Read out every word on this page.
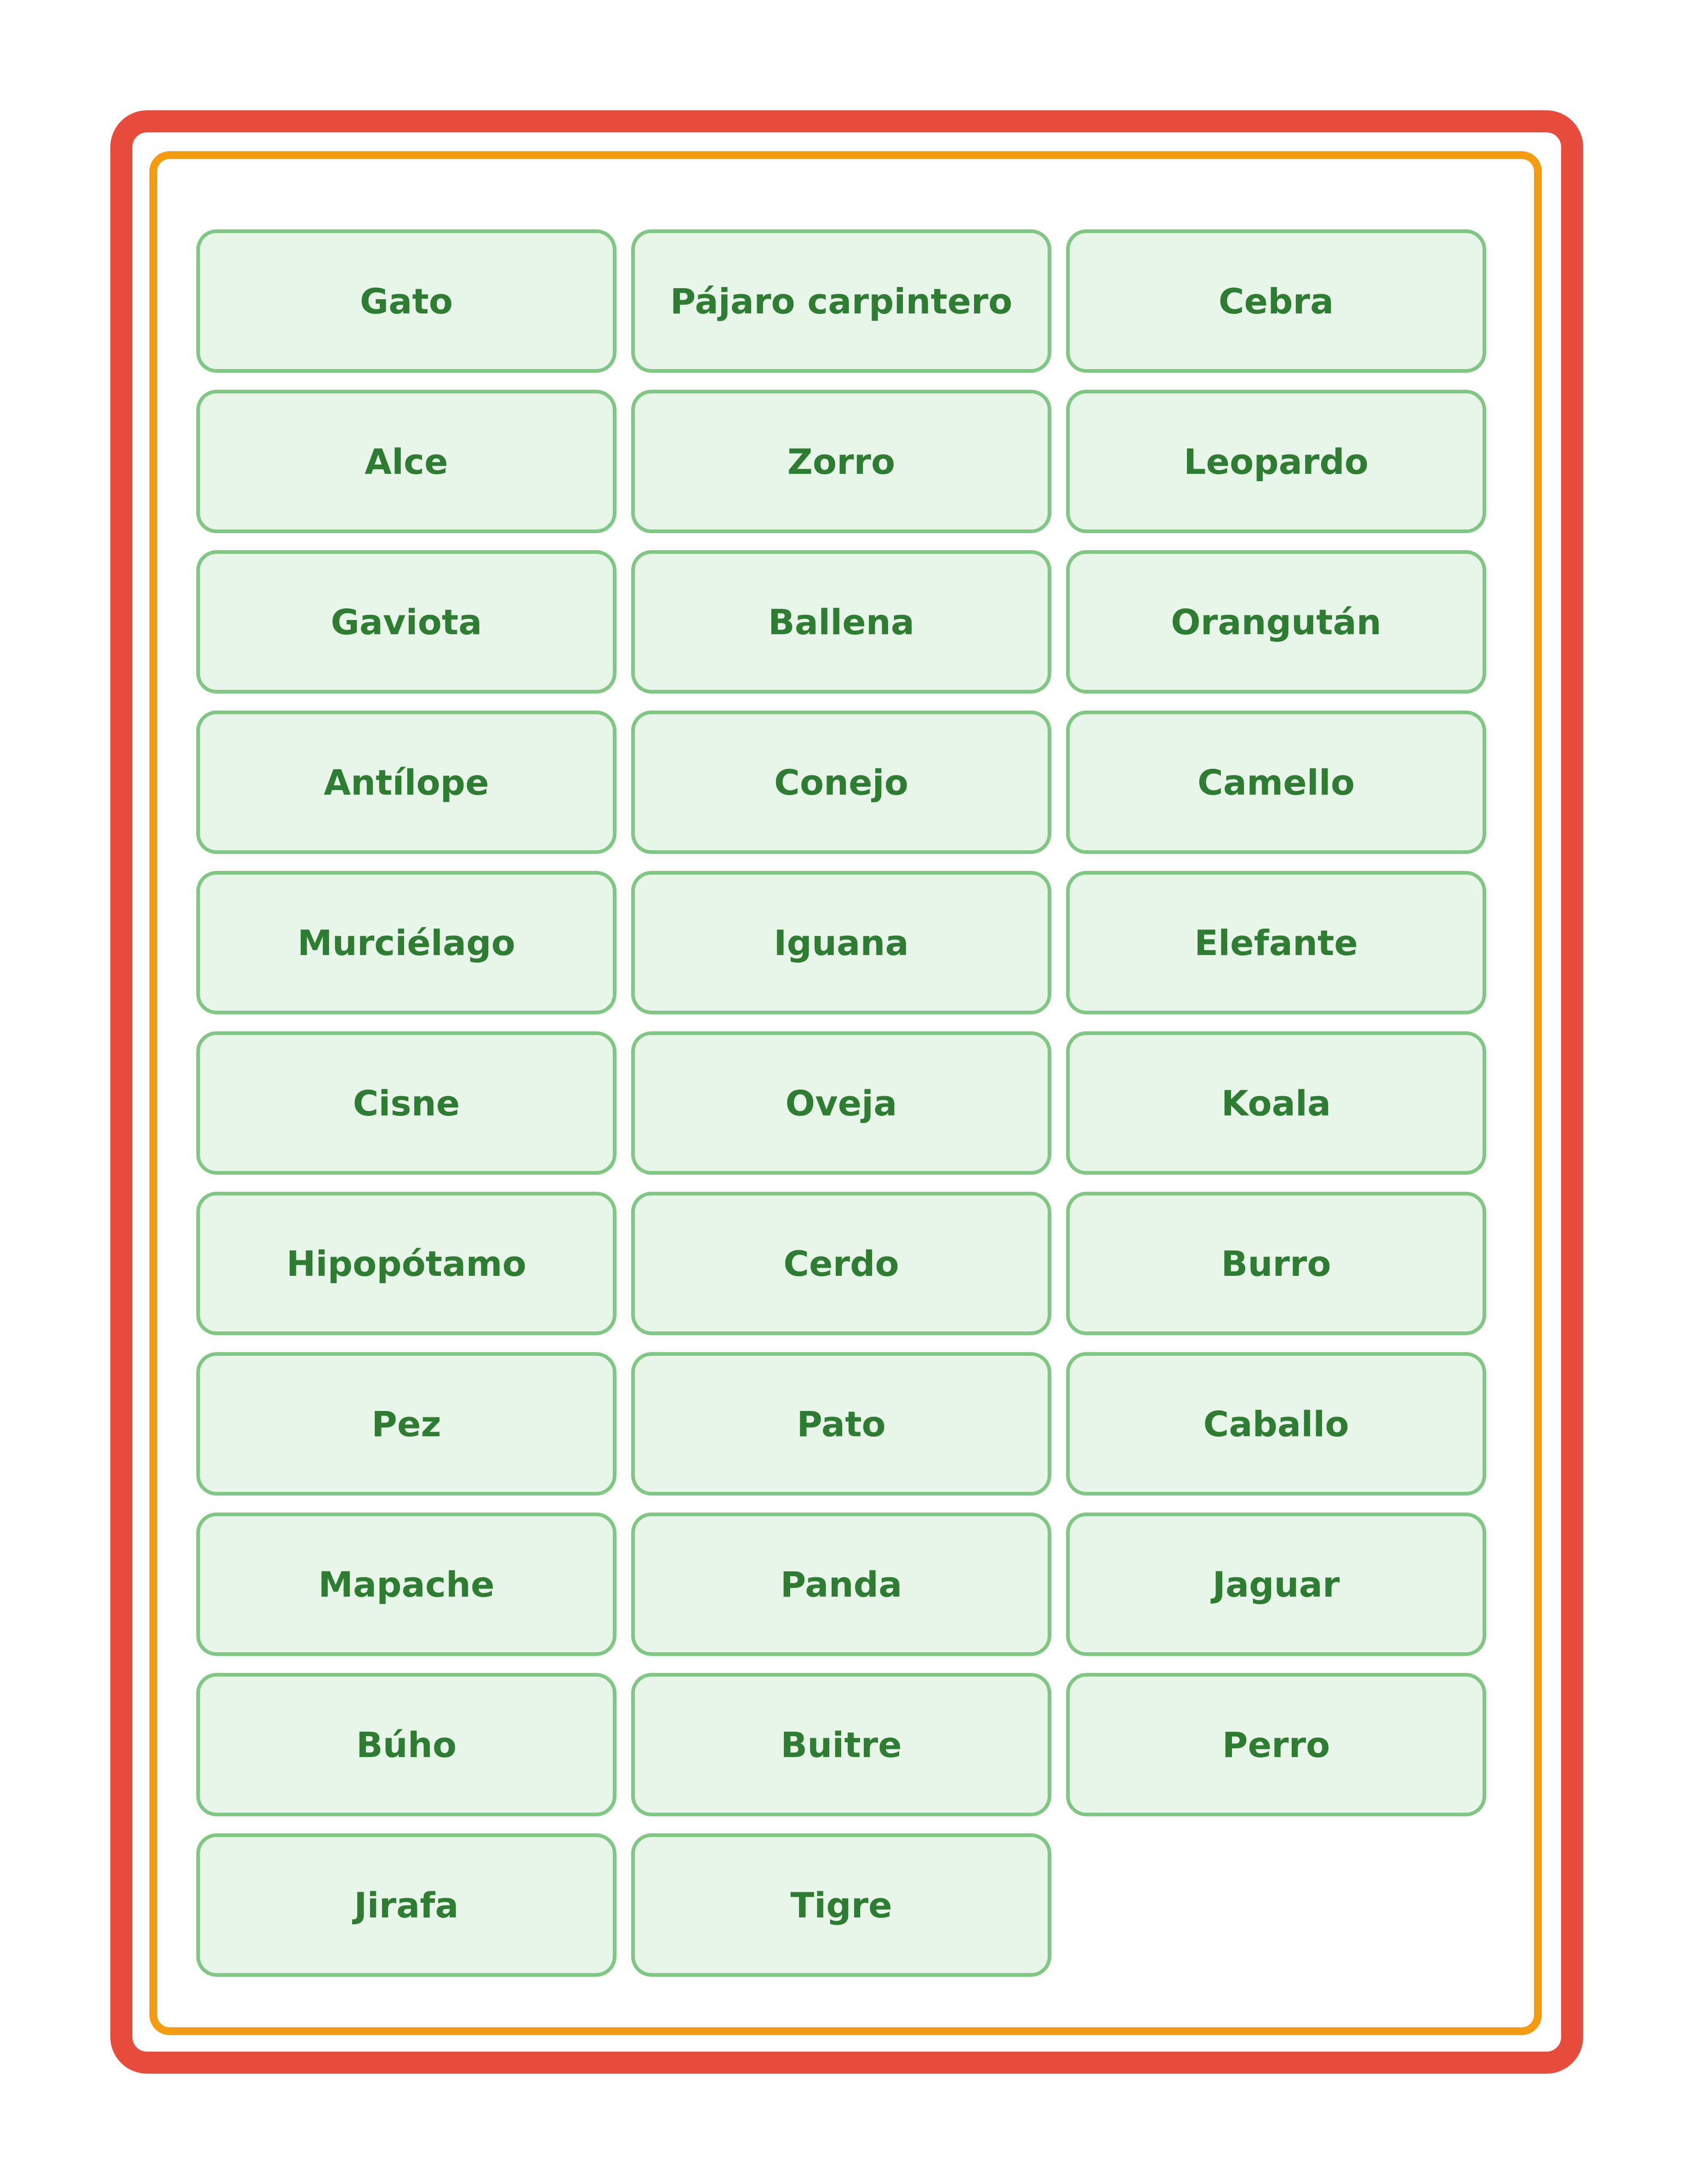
Gato	Pájaro carpintero	Cebra
Alce	Zorro	Leopardo
Gaviota	Ballena	Orangután
Antílope	Conejo	Camello
Murciélago	Iguana	Elefante
Cisne	Oveja	Koala
Hipopótamo	Cerdo	Burro
Pez	Pato	Caballo
Mapache	Panda	Jaguar
Búho	Buitre	Perro
Jirafa	Tigre
